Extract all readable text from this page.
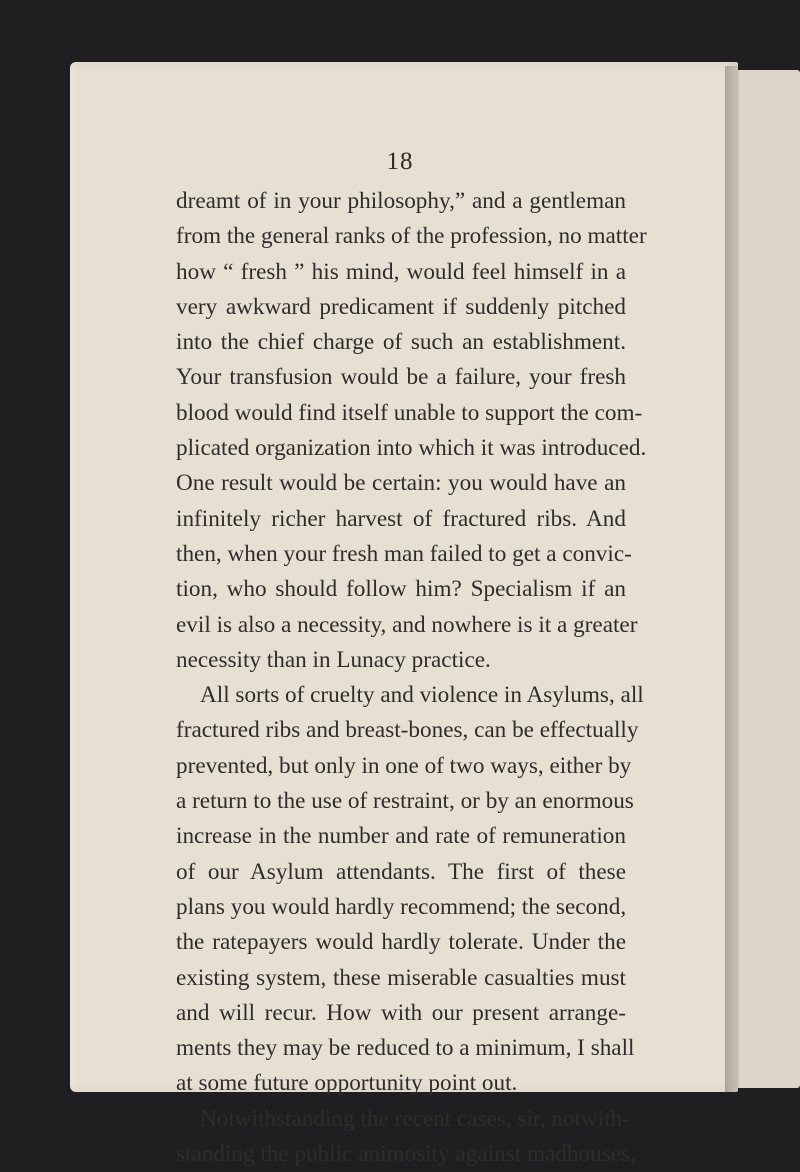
18
dreamt of in your philosophy,” and a gentleman
from the general ranks of the profession, no matter
how “ fresh ” his mind, would feel himself in a
very awkward predicament if suddenly pitched
into the chief charge of such an establishment.
Your transfusion would be a failure, your fresh
blood would find itself unable to support the com-
plicated organization into which it was introduced.
One result would be certain: you would have an
infinitely richer harvest of fractured ribs. And
then, when your fresh man failed to get a convic-
tion, who should follow him? Specialism if an
evil is also a necessity, and nowhere is it a greater
necessity than in Lunacy practice.
All sorts of cruelty and violence in Asylums, all
fractured ribs and breast-bones, can be effectually
prevented, but only in one of two ways, either by
a return to the use of restraint, or by an enormous
increase in the number and rate of remuneration
of our Asylum attendants. The first of these
plans you would hardly recommend; the second,
the ratepayers would hardly tolerate. Under the
existing system, these miserable casualties must
and will recur. How with our present arrange-
ments they may be reduced to a minimum, I shall
at some future opportunity point out.
Notwithstanding the recent cases, sir, notwith-
standing the public animosity against madhouses,
